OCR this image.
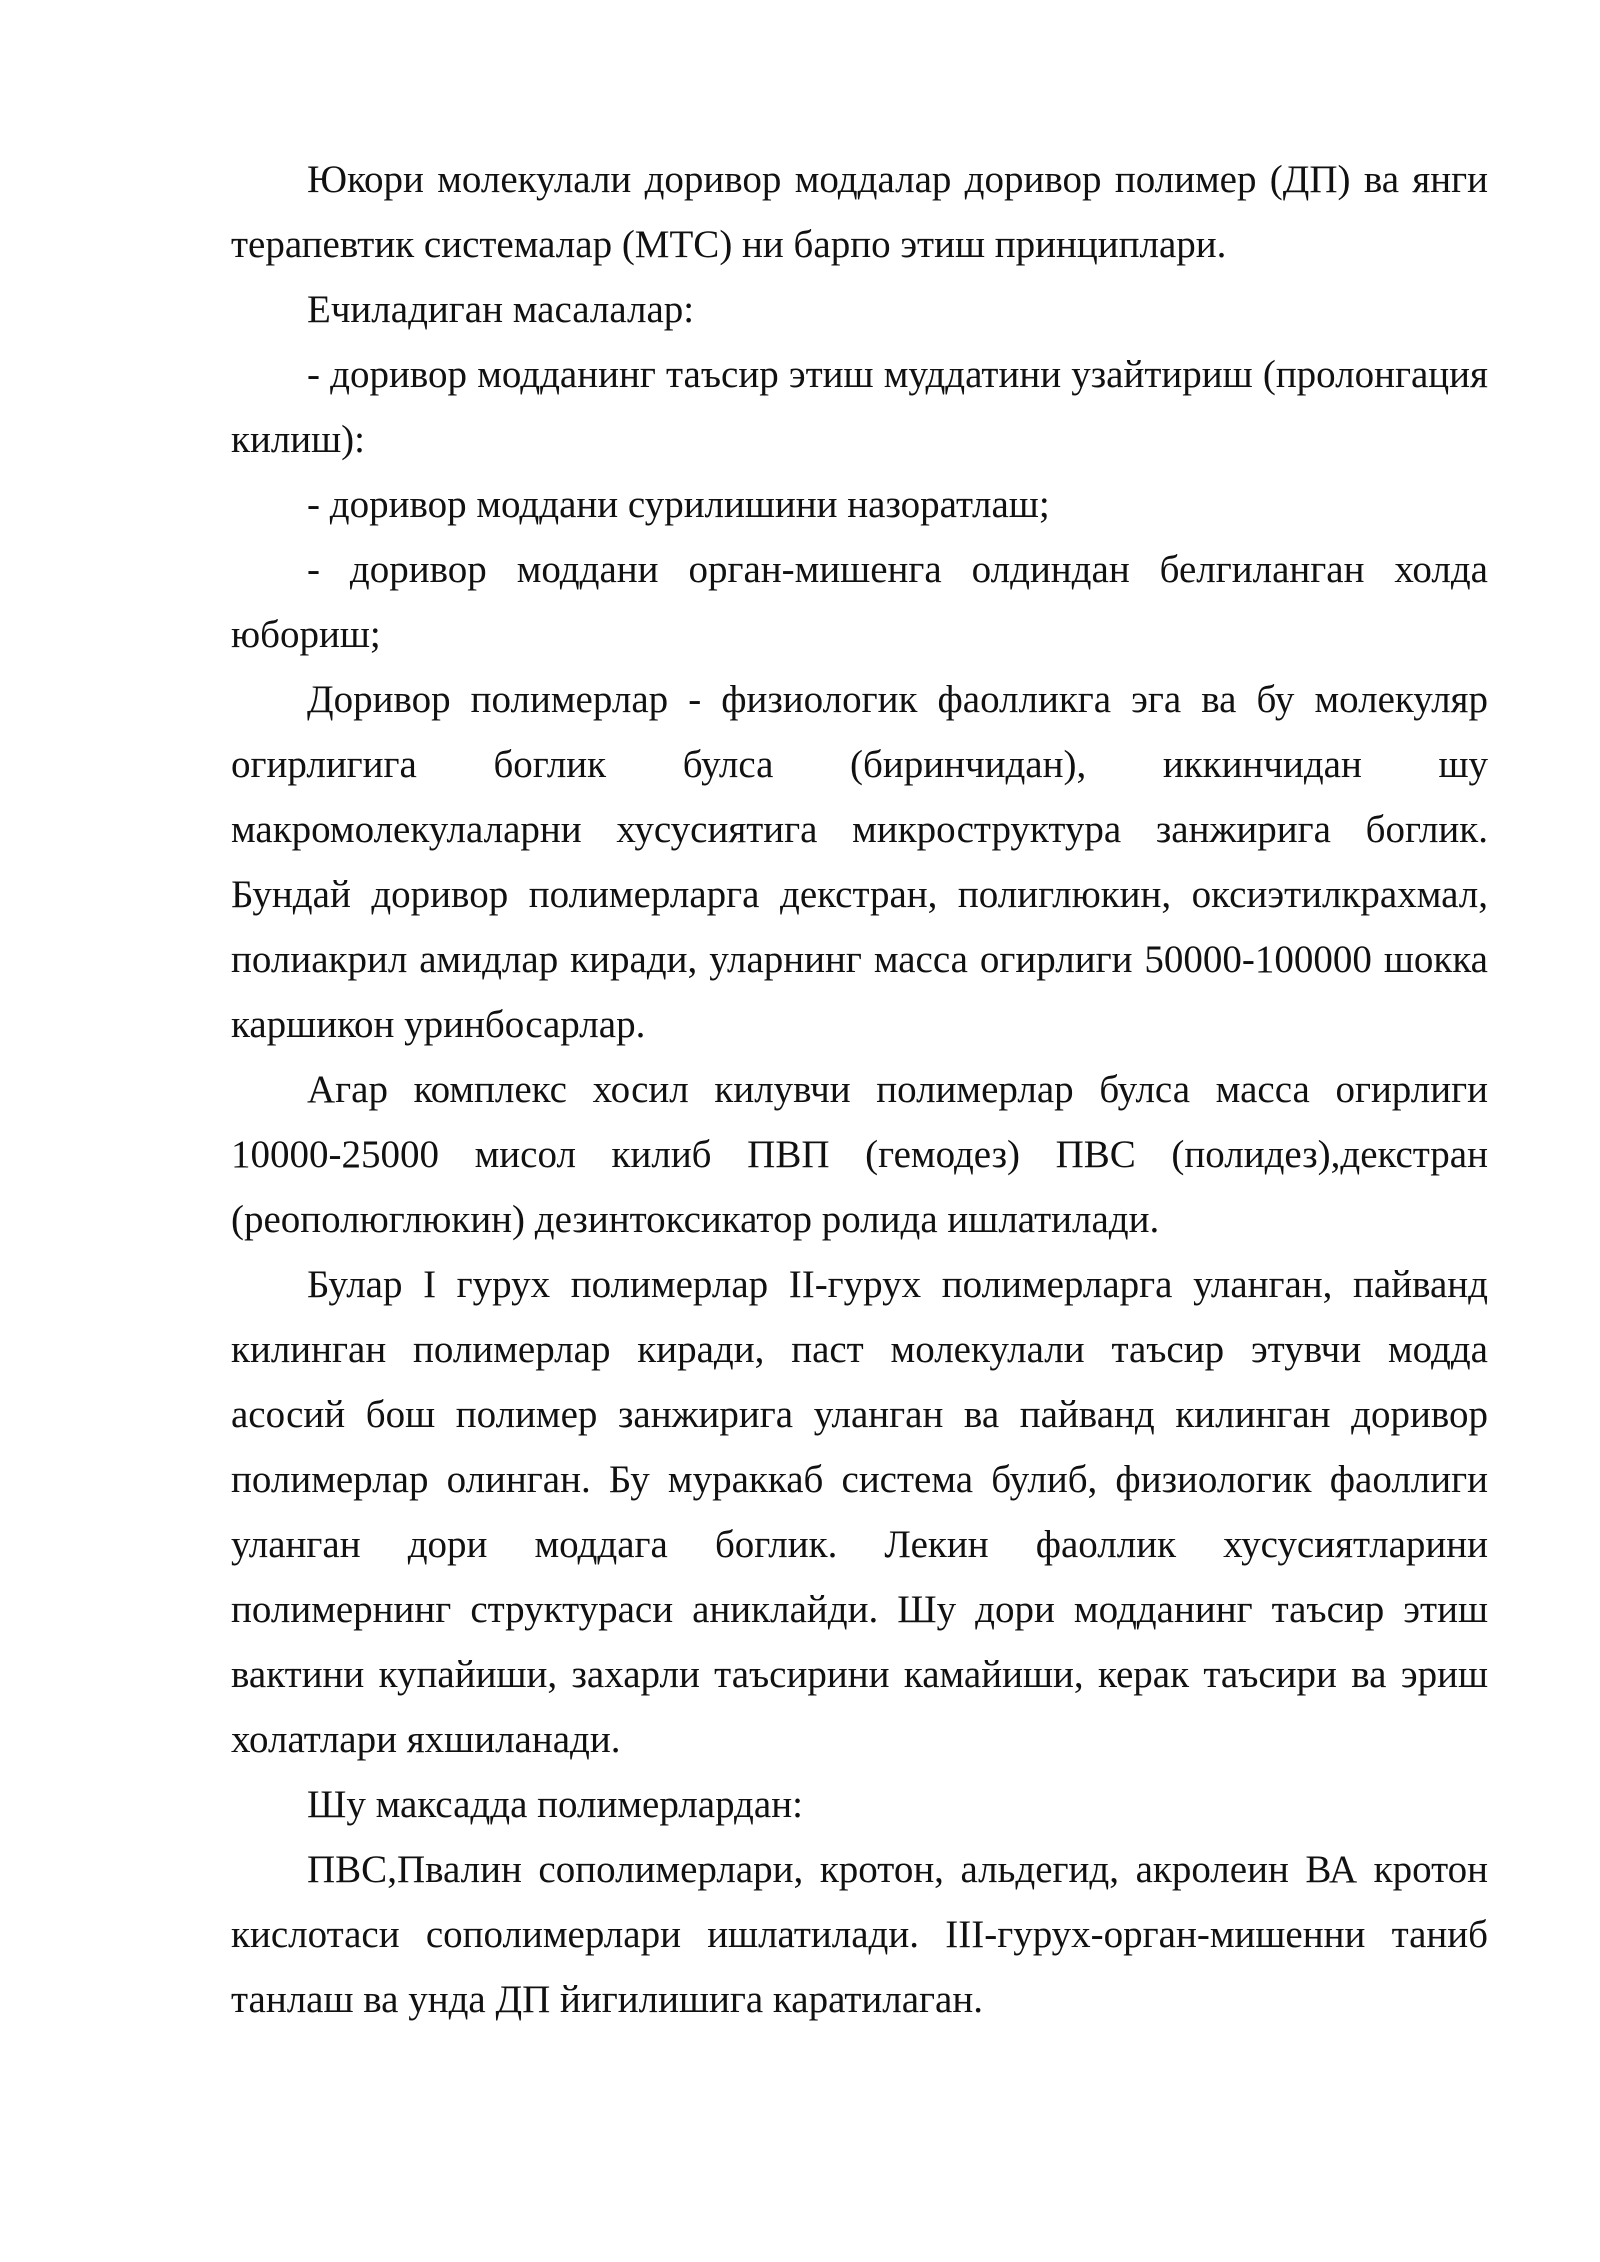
Юкори молекулали доривор моддалар доривор полимер (ДП) ва янги терапевтик системалар (МТС) ни барпо этиш принциплари.

Ечиладиган масалалар:

- доривор модданинг таъсир этиш муддатини узайтириш (пролонгация килиш):

- доривор моддани сурилишини назоратлаш;

- доривор моддани орган-мишенга олдиндан белгиланган холда юбориш;

Доривор полимерлар - физиологик фаолликга эга ва бу молекуляр огирлигига боглик булса (биринчидан), иккинчидан шу макромолекулаларни хусусиятига микроструктура занжирига боглик. Бундай доривор полимерларга декстран, полиглюкин, оксиэтилкрахмал, полиакрил амидлар киради, уларнинг масса огирлиги 50000-100000 шокка каршикон уринбосарлар.

Агар комплекс хосил килувчи полимерлар булса масса огирлиги 10000-25000 мисол килиб ПВП (гемодез) ПВС (полидез),декстран (реополюглюкин) дезинтоксикатор ролида ишлатилади.

Булар I гурух полимерлар II-гурух полимерларга уланган, пайванд килинган полимерлар киради, паст молекулали таъсир этувчи модда асосий бош полимер занжирига уланган ва пайванд килинган доривор полимерлар олинган. Бу мураккаб система булиб, физиологик фаоллиги уланган дори моддага боглик. Лекин фаоллик хусусиятларини полимернинг структураси аниклайди. Шу дори модданинг таъсир этиш вактини купайиши, захарли таъсирини камайиши, керак таъсири ва эриш холатлари яхшиланади.

Шу максадда полимерлардан:

ПВС,Пвалин сополимерлари, кротон, альдегид, акролеин ВА кротон кислотаси сополимерлари ишлатилади. III-гурух-орган-мишенни таниб танлаш ва унда ДП йигилишига каратилаган.
